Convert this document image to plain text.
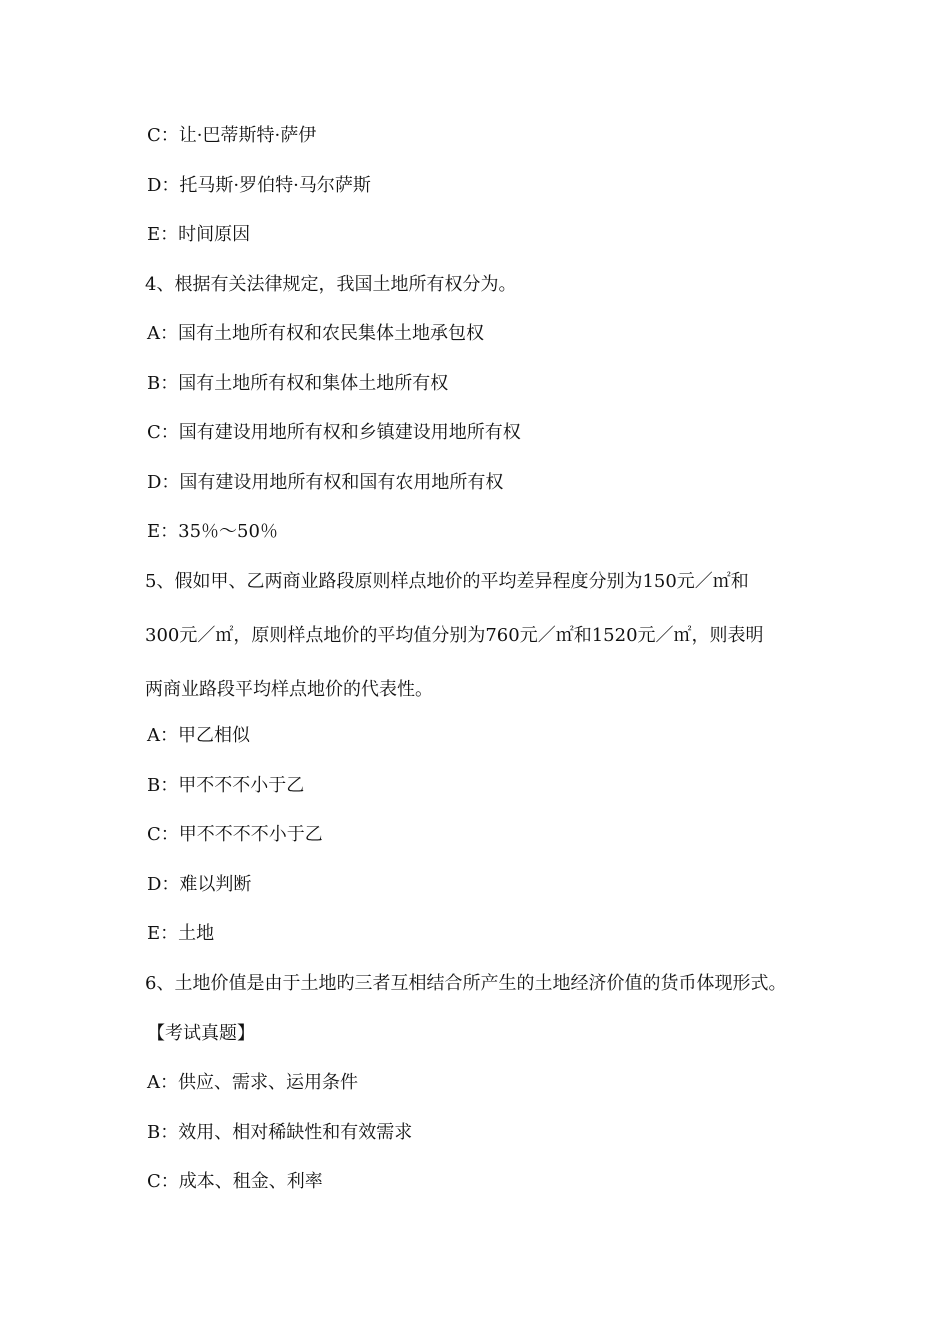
C：让·巴蒂斯特·萨伊
D：托马斯·罗伯特·马尔萨斯
E：时间原因
4、根据有关法律规定，我国土地所有权分为。
A：国有土地所有权和农民集体土地承包权
B：国有土地所有权和集体土地所有权
C：国有建设用地所有权和乡镇建设用地所有权
D：国有建设用地所有权和国有农用地所有权
E：35％～50％
5、假如甲、乙两商业路段原则样点地价的平均差异程度分别为150元／㎡和
300元／㎡，原则样点地价的平均值分别为760元／㎡和1520元／㎡，则表明
两商业路段平均样点地价的代表性。
A：甲乙相似
B：甲不不不小于乙
C：甲不不不不小于乙
D：难以判断
E：土地
6、土地价值是由于土地旳三者互相结合所产生的土地经济价值的货币体现形式。
【考试真题】
A：供应、需求、运用条件
B：效用、相对稀缺性和有效需求
C：成本、租金、利率
